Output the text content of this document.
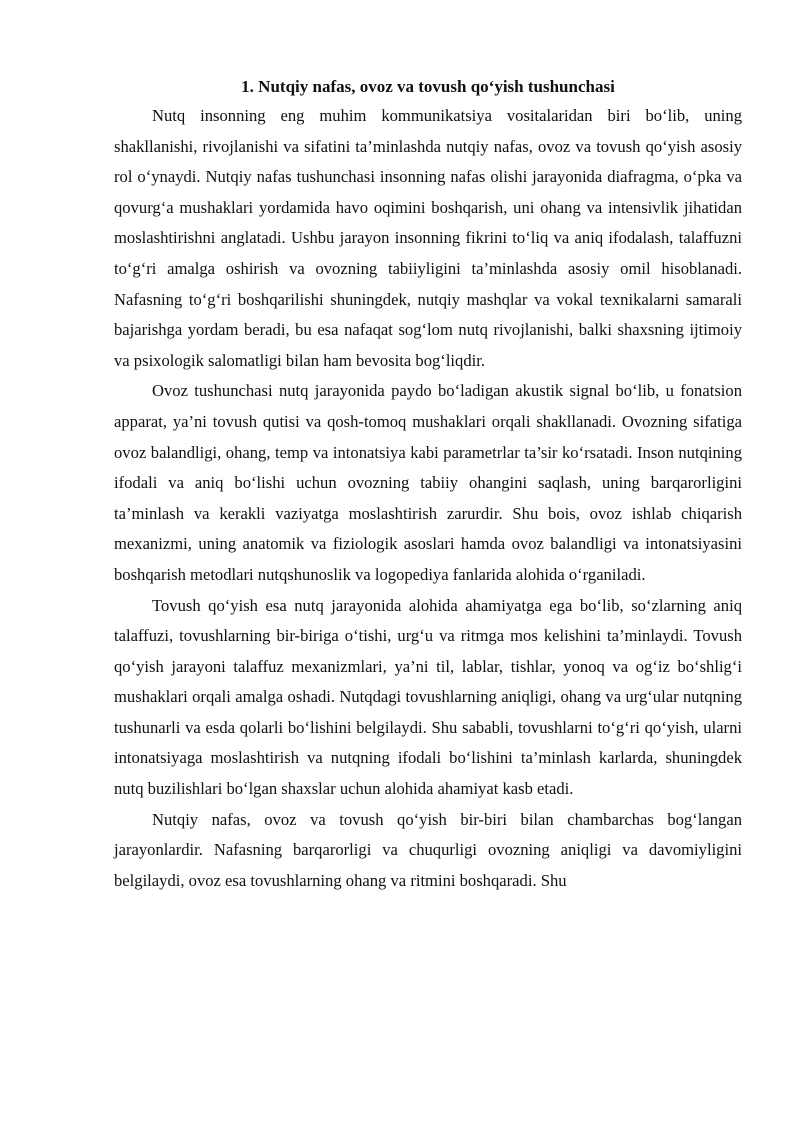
1. Nutqiy nafas, ovoz va tovush qo‘yish tushunchasi

Nutq insonning eng muhim kommunikatsiya vositalaridan biri bo‘lib, uning shakllanishi, rivojlanishi va sifatini ta’minlashda nutqiy nafas, ovoz va tovush qo‘yish asosiy rol o‘ynaydi. Nutqiy nafas tushunchasi insonning nafas olishi jarayonida diafragma, o‘pka va qovurg‘a mushaklari yordamida havo oqimini boshqarish, uni ohang va intensivlik jihatidan moslashtirishni anglatadi. Ushbu jarayon insonning fikrini to‘liq va aniq ifodalash, talaffuzni to‘g‘ri amalga oshirish va ovozning tabiiyligini ta’minlashda asosiy omil hisoblanadi. Nafasning to‘g‘ri boshqarilishi shuningdek, nutqiy mashqlar va vokal texnikalarni samarali bajarishga yordam beradi, bu esa nafaqat sog‘lom nutq rivojlanishi, balki shaxsning ijtimoiy va psixologik salomatligi bilan ham bevosita bog‘liqdir.

Ovoz tushunchasi nutq jarayonida paydo bo‘ladigan akustik signal bo‘lib, u fonatsion apparat, ya’ni tovush qutisi va qosh-tomoq mushaklari orqali shakllanadi. Ovozning sifatiga ovoz balandligi, ohang, temp va intonatsiya kabi parametrlar ta’sir ko‘rsatadi. Inson nutqining ifodali va aniq bo‘lishi uchun ovozning tabiiy ohangini saqlash, uning barqarorligini ta’minlash va kerakli vaziyatga moslashtirish zarurdir. Shu bois, ovoz ishlab chiqarish mexanizmi, uning anatomik va fiziologik asoslari hamda ovoz balandligi va intonatsiyasini boshqarish metodlari nutqshunoslik va logopediya fanlarida alohida o‘rganiladi.

Tovush qo‘yish esa nutq jarayonida alohida ahamiyatga ega bo‘lib, so‘zlarning aniq talaffuzi, tovushlarning bir-biriga o‘tishi, urg‘u va ritmga mos kelishini ta’minlaydi. Tovush qo‘yish jarayoni talaffuz mexanizmlari, ya’ni til, lablar, tishlar, yonoq va og‘iz bo‘shlig‘i mushaklari orqali amalga oshadi. Nutqdagi tovushlarning aniqligi, ohang va urg‘ular nutqning tushunarli va esda qolarli bo‘lishini belgilaydi. Shu sababli, tovushlarni to‘g‘ri qo‘yish, ularni intonatsiyaga moslashtirish va nutqning ifodali bo‘lishini ta’minlash karlarda, shuningdek nutq buzilishlari bo‘lgan shaxslar uchun alohida ahamiyat kasb etadi.

Nutqiy nafas, ovoz va tovush qo‘yish bir-biri bilan chambarchas bog‘langan jarayonlardir. Nafasning barqarorligi va chuqurligi ovozning aniqligi va davomiyligini belgilaydi, ovoz esa tovushlarning ohang va ritmini boshqaradi. Shu
